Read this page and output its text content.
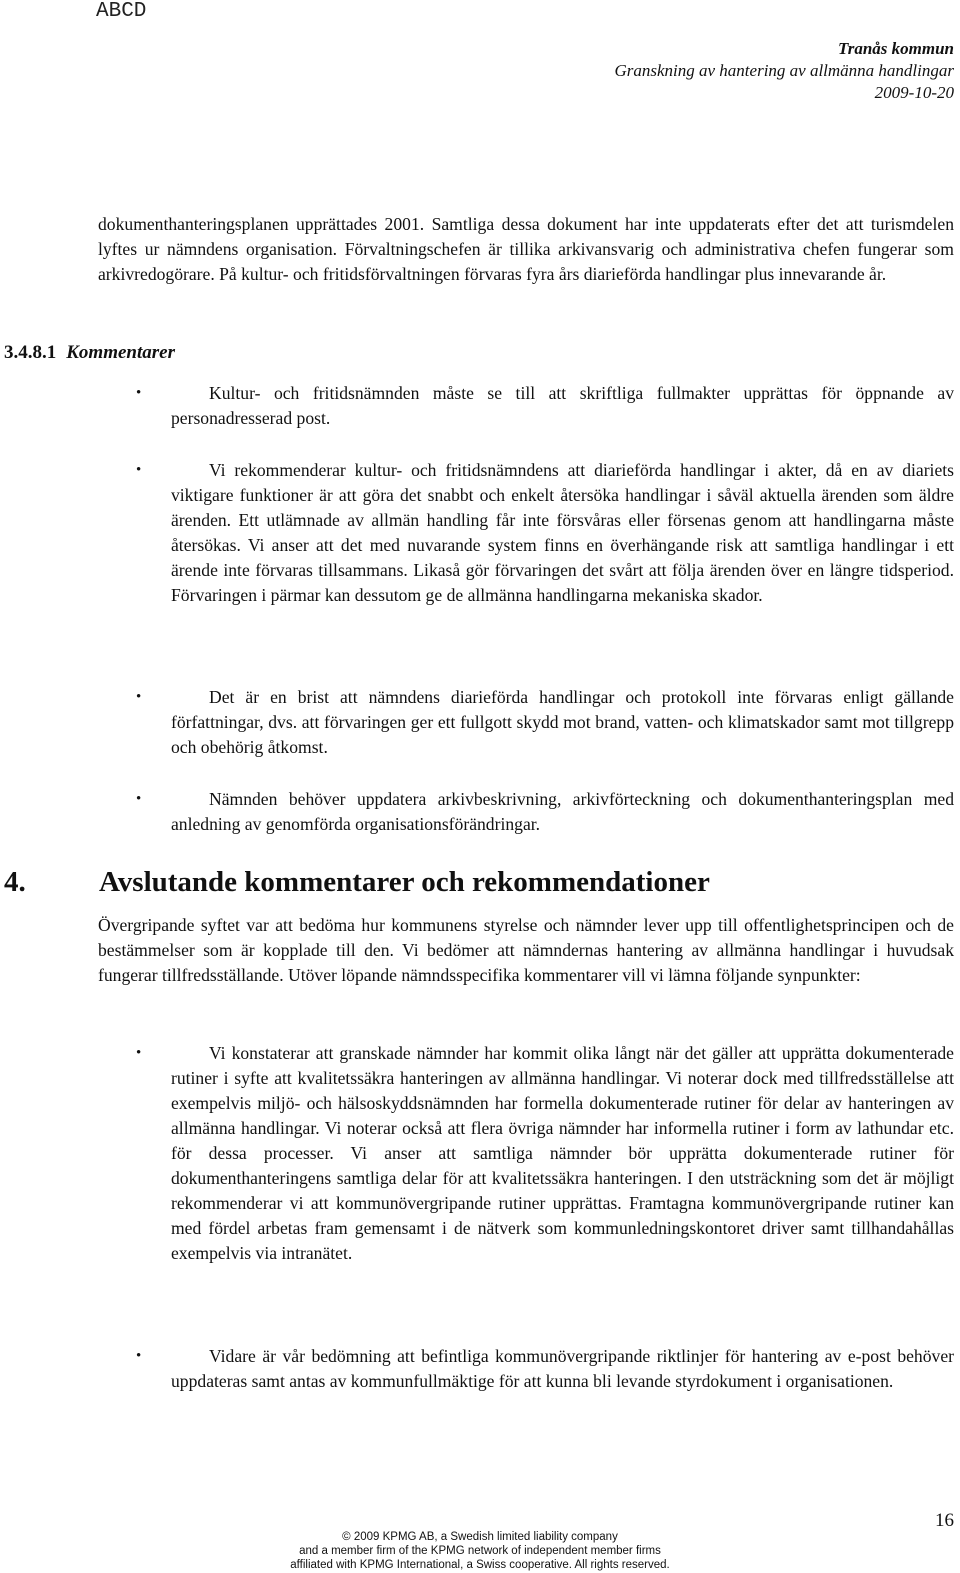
ABCD
Tranås kommun
Granskning av hantering av allmänna handlingar
2009-10-20

dokumenthanteringsplanen upprättades 2001. Samtliga dessa dokument har inte uppdaterats efter det att turismdelen lyftes ur nämndens organisation. Förvaltningschefen är tillika arkivansvarig och administrativa chefen fungerar som arkivredogörare. På kultur- och fritidsförvaltningen förvaras fyra års diarieförda handlingar plus innevarande år.

3.4.8.1 Kommentarer
•	Kultur- och fritidsnämnden måste se till att skriftliga fullmakter upprättas för öppnande av personadresserad post.
•	Vi rekommenderar kultur- och fritidsnämndens att diarieförda handlingar i akter, då en av diariets viktigare funktioner är att göra det snabbt och enkelt återsöka handlingar i såväl aktuella ärenden som äldre ärenden. Ett utlämnade av allmän handling får inte försvåras eller försenas genom att handlingarna måste återsökas. Vi anser att det med nuvarande system finns en överhängande risk att samtliga handlingar i ett ärende inte förvaras tillsammans. Likaså gör förvaringen det svårt att följa ärenden över en längre tidsperiod. Förvaringen i pärmar kan dessutom ge de allmänna handlingarna mekaniska skador.
•	Det är en brist att nämndens diarieförda handlingar och protokoll inte förvaras enligt gällande författningar, dvs. att förvaringen ger ett fullgott skydd mot brand, vatten- och klimatskador samt mot tillgrepp och obehörig åtkomst.
•	Nämnden behöver uppdatera arkivbeskrivning, arkivförteckning och dokumenthanteringsplan med anledning av genomförda organisationsförändringar.
4.	Avslutande kommentarer och rekommendationer

Övergripande syftet var att bedöma hur kommunens styrelse och nämnder lever upp till offentlighetsprincipen och de bestämmelser som är kopplade till den. Vi bedömer att nämndernas hantering av allmänna handlingar i huvudsak fungerar tillfredsställande. Utöver löpande nämndsspecifika kommentarer vill vi lämna följande synpunkter:

•	Vi konstaterar att granskade nämnder har kommit olika långt när det gäller att upprätta dokumenterade rutiner i syfte att kvalitetssäkra hanteringen av allmänna handlingar. Vi noterar dock med tillfredsställelse att exempelvis miljö- och hälsoskyddsnämnden har formella dokumenterade rutiner för delar av hanteringen av allmänna handlingar. Vi noterar också att flera övriga nämnder har informella rutiner i form av lathundar etc. för dessa processer. Vi anser att samtliga nämnder bör upprätta dokumenterade rutiner för dokumenthanteringens samtliga delar för att kvalitetssäkra hanteringen. I den utsträckning som det är möjligt rekommenderar vi att kommunövergripande rutiner upprättas. Framtagna kommunövergripande rutiner kan med fördel arbetas fram gemensamt i de nätverk som kommunledningskontoret driver samt tillhandahållas exempelvis via intranätet.
•	Vidare är vår bedömning att befintliga kommunövergripande riktlinjer för hantering av e-post behöver uppdateras samt antas av kommunfullmäktige för att kunna bli levande styrdokument i organisationen.
16
© 2009 KPMG AB, a Swedish limited liability company
and a member firm of the KPMG network of independent member firms
affiliated with KPMG International, a Swiss cooperative. All rights reserved.
